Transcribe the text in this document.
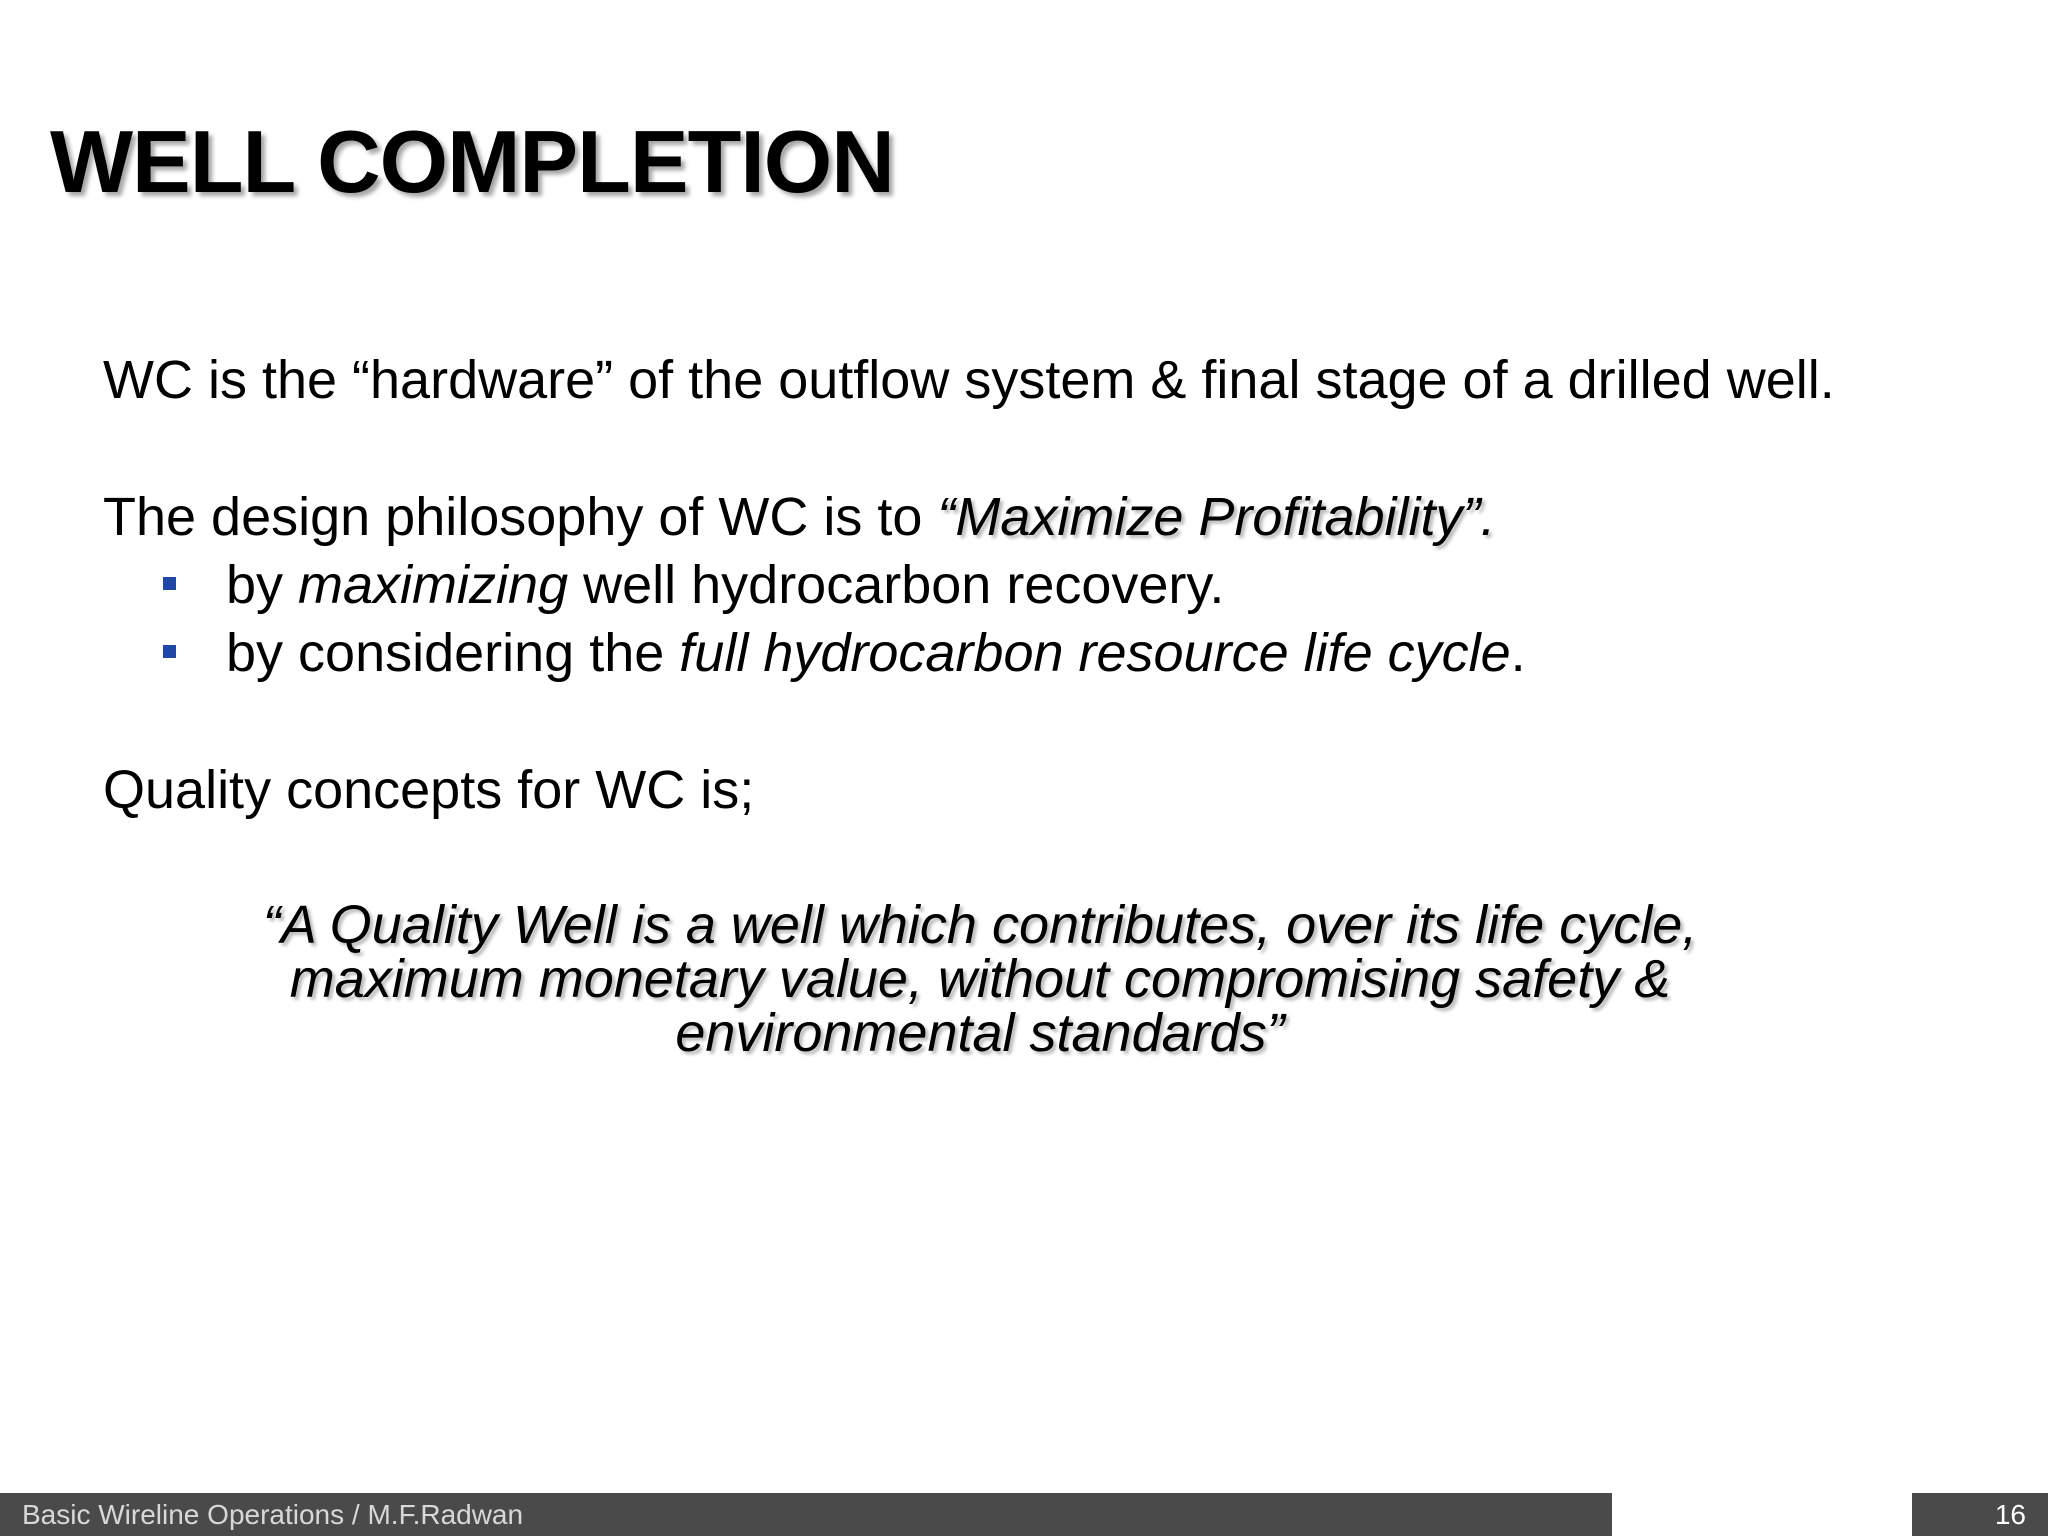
WELL COMPLETION

WC is the “hardware” of the outflow system & final stage of a drilled well.

The design philosophy of WC is to “Maximize Profitability”.

by maximizing well hydrocarbon recovery.
by considering the full hydrocarbon resource life cycle.

Quality concepts for WC is;

“A Quality Well is a well which contributes, over its life cycle, maximum monetary value, without compromising safety & environmental standards”

Basic Wireline Operations / M.F.Radwan	16
